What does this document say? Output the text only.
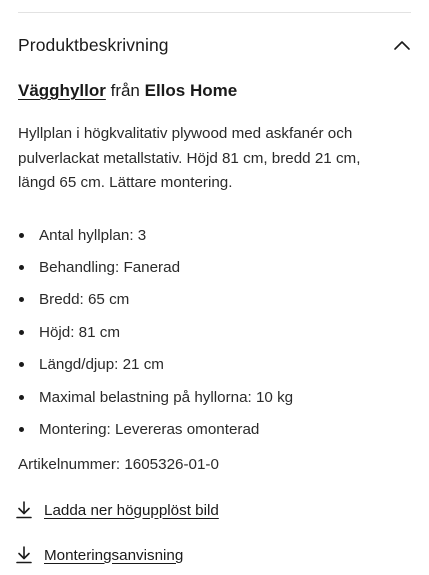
Produktbeskrivning
Vägghyllor från Ellos Home

Hyllplan i högkvalitativ plywood med askfanér och pulverlackat metallstativ. Höjd 81 cm, bredd 21 cm, längd 65 cm. Lättare montering.

Antal hyllplan: 3
Behandling: Fanerad
Bredd: 65 cm
Höjd: 81 cm
Längd/djup: 21 cm
Maximal belastning på hyllorna: 10 kg
Montering: Levereras omonterad
Artikelnummer: 1605326-01-0
Ladda ner högupplöst bild
Monteringsanvisning
